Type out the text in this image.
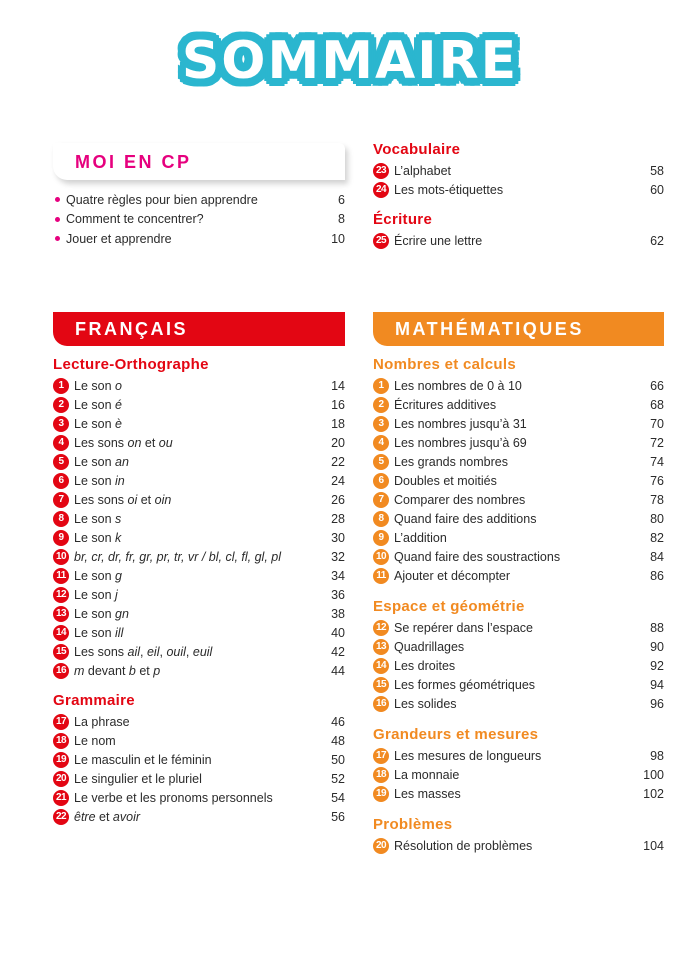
SOMMAIRE
MOI EN CP
Quatre règles pour bien apprendre	6
Comment te concentrer?	8
Jouer et apprendre	10
Vocabulaire
23 L’alphabet	58
24 Les mots-étiquettes	60
Écriture
25 Écrire une lettre	62
FRANÇAIS
Lecture-Orthographe
1 Le son o	14
2 Le son é	16
3 Le son è	18
4 Les sons on et ou	20
5 Le son an	22
6 Le son in	24
7 Les sons oi et oin	26
8 Le son s	28
9 Le son k	30
10 br, cr, dr, fr, gr, pr, tr, vr / bl, cl, fl, gl, pl	32
11 Le son g	34
12 Le son j	36
13 Le son gn	38
14 Le son ill	40
15 Les sons ail, eil, ouil, euil	42
16 m devant b et p	44
Grammaire
17 La phrase	46
18 Le nom	48
19 Le masculin et le féminin	50
20 Le singulier et le pluriel	52
21 Le verbe et les pronoms personnels	54
22 être et avoir	56
MATHÉMATIQUES
Nombres et calculs
1 Les nombres de 0 à 10	66
2 Écritures additives	68
3 Les nombres jusqu’à 31	70
4 Les nombres jusqu’à 69	72
5 Les grands nombres	74
6 Doubles et moitiés	76
7 Comparer des nombres	78
8 Quand faire des additions	80
9 L’addition	82
10 Quand faire des soustractions	84
11 Ajouter et décompter	86
Espace et géométrie
12 Se repérer dans l’espace	88
13 Quadrillages	90
14 Les droites	92
15 Les formes géométriques	94
16 Les solides	96
Grandeurs et mesures
17 Les mesures de longueurs	98
18 La monnaie	100
19 Les masses	102
Problèmes
20 Résolution de problèmes	104
